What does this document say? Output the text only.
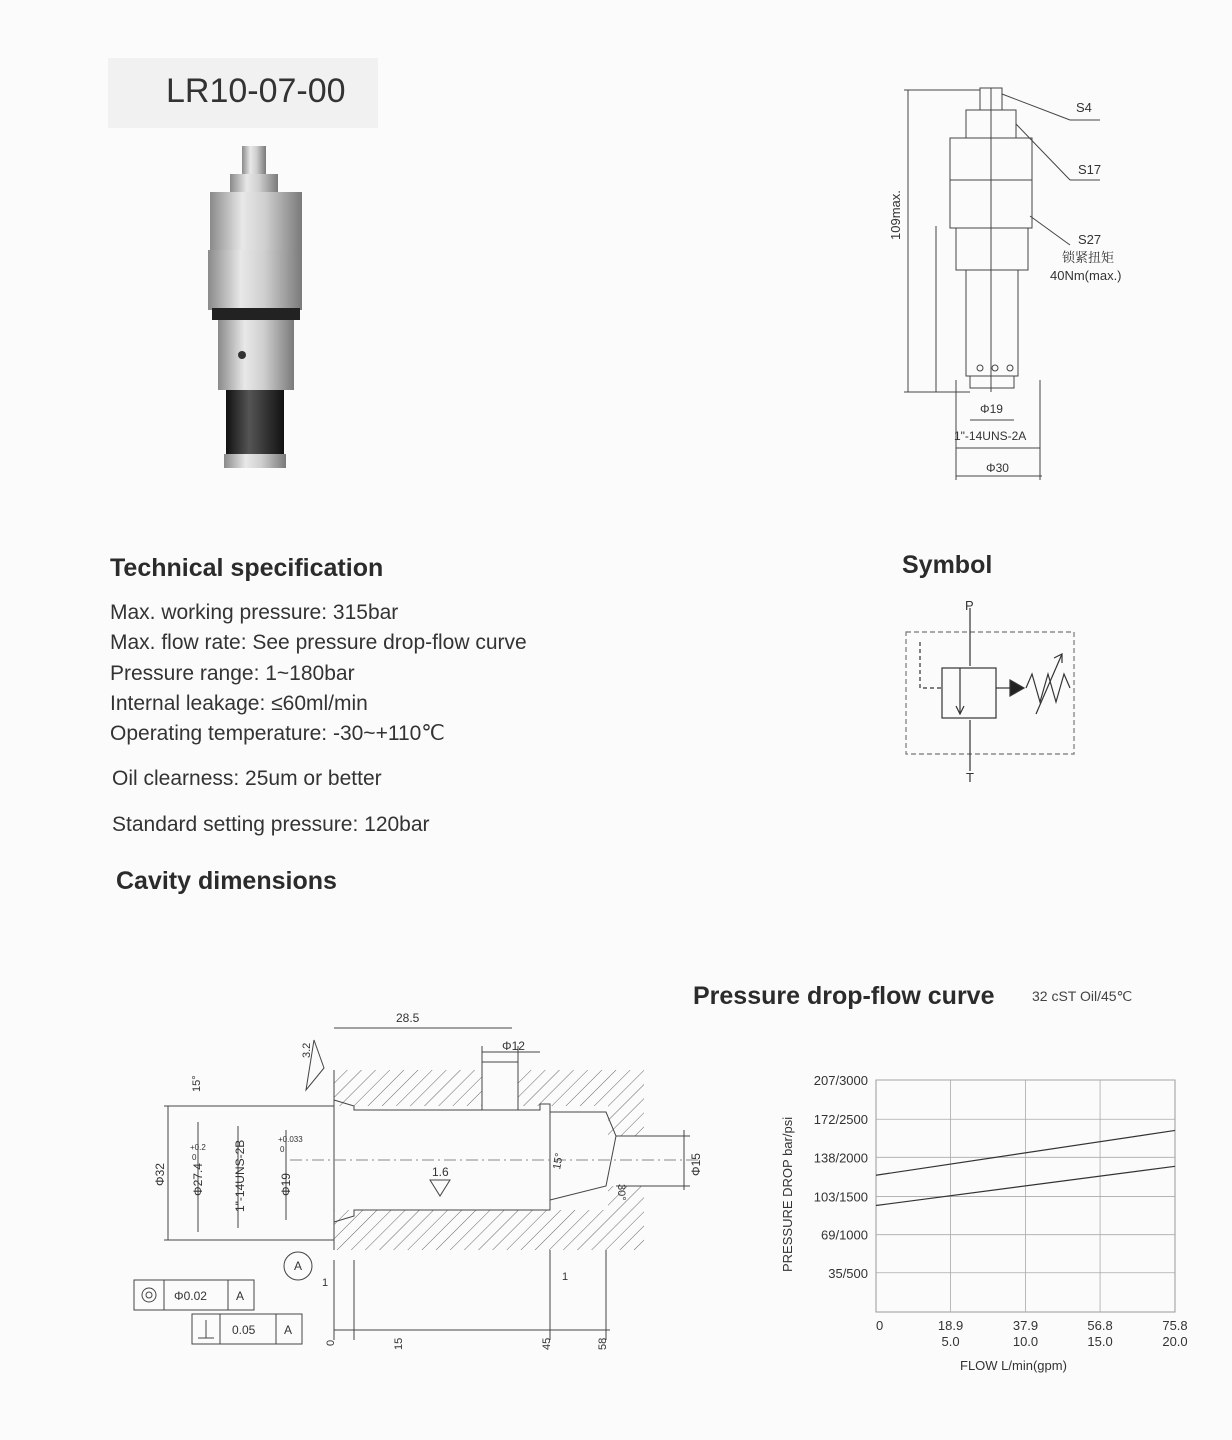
LR10-07-00	S4
S17
S27
锁紧扭矩
40Nm(max.)
109max.
Φ19
1"-14UNS-2A
Φ30
Technical specification
Max. working pressure: 315bar
Max. flow rate: See pressure drop-flow curve
Pressure range: 1~180bar
Internal leakage: ≤60ml/min
Operating temperature: -30~+110℃
Oil clearness: 25um or better
Standard setting pressure: 120bar
Symbol
P
T
Cavity dimensions
28.5
Φ12
3.2
15°
Φ32 Φ27.4
+0.2
0	1"-14UNS-2B	Φ19
+0.033
0
1.6	Φ15
30°
15°
A
1	1
Φ0.02 A
0.05 A
0	15	45	58
Pressure drop-flow curve	32 cST Oil/45℃
0	18.9	37.9	56.8	75.8
5.0	10.0	15.0	20.0
35/500
69/1000
103/1500
138/2000
172/2500
207/3000
PRESSURE DROP bar/psi
FLOW L/min(gpm)
